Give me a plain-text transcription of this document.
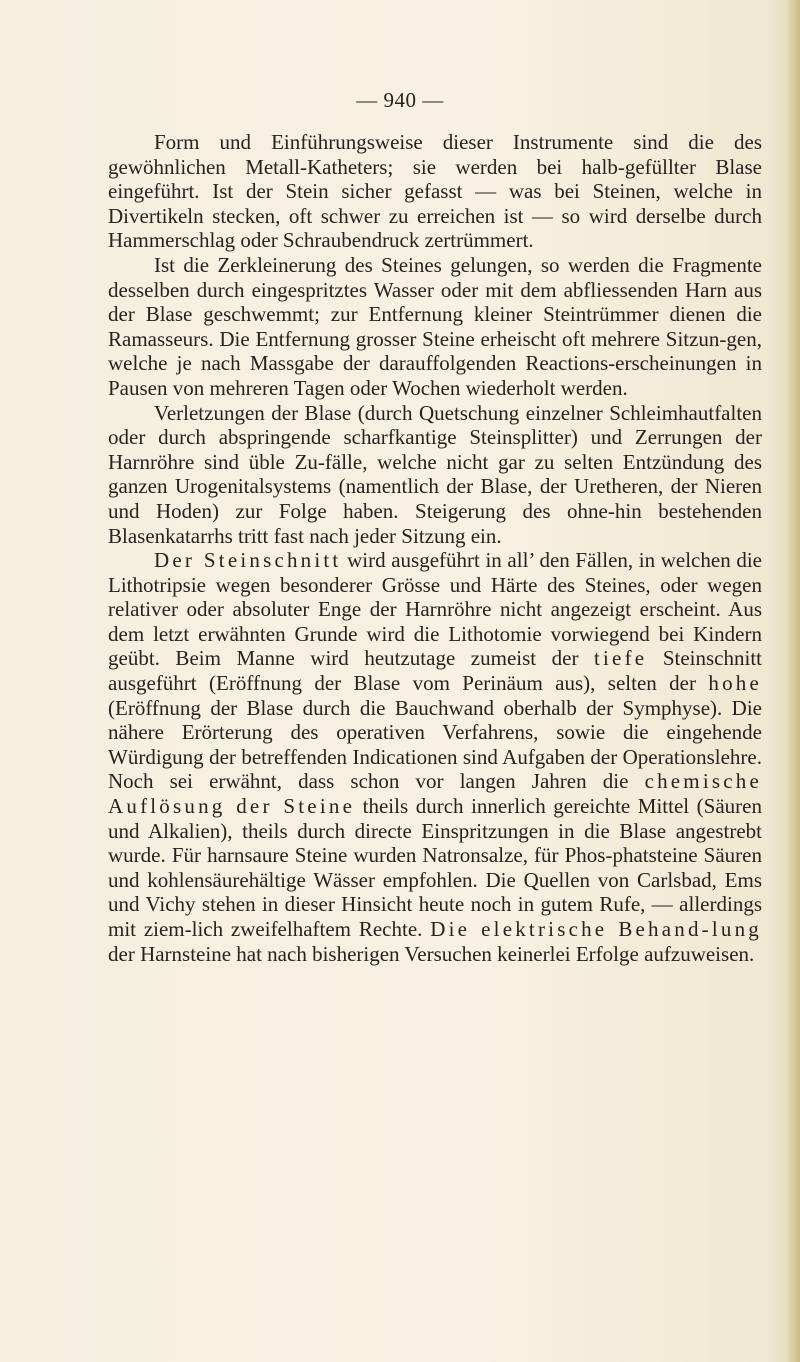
— 940 —

Form und Einführungsweise dieser Instrumente sind die des gewöhnlichen Metall-Katheters; sie werden bei halb-gefüllter Blase eingeführt. Ist der Stein sicher gefasst — was bei Steinen, welche in Divertikeln stecken, oft schwer zu erreichen ist — so wird derselbe durch Hammerschlag oder Schraubendruck zertrümmert.

Ist die Zerkleinerung des Steines gelungen, so werden die Fragmente desselben durch eingespritztes Wasser oder mit dem abfliessenden Harn aus der Blase geschwemmt; zur Entfernung kleiner Steintrümmer dienen die Ramasseurs. Die Entfernung grosser Steine erheischt oft mehrere Sitzun-gen, welche je nach Massgabe der darauffolgenden Reactions-erscheinungen in Pausen von mehreren Tagen oder Wochen wiederholt werden.

Verletzungen der Blase (durch Quetschung einzelner Schleimhautfalten oder durch abspringende scharfkantige Steinsplitter) und Zerrungen der Harnröhre sind üble Zu-fälle, welche nicht gar zu selten Entzündung des ganzen Urogenitalsystems (namentlich der Blase, der Uretheren, der Nieren und Hoden) zur Folge haben. Steigerung des ohne-hin bestehenden Blasenkatarrhs tritt fast nach jeder Sitzung ein.

Der Steinschnitt wird ausgeführt in all’ den Fällen, in welchen die Lithotripsie wegen besonderer Grösse und Härte des Steines, oder wegen relativer oder absoluter Enge der Harnröhre nicht angezeigt erscheint. Aus dem letzt erwähnten Grunde wird die Lithotomie vorwiegend bei Kindern geübt. Beim Manne wird heutzutage zumeist der tiefe Steinschnitt ausgeführt (Eröffnung der Blase vom Perinäum aus), selten der hohe (Eröffnung der Blase durch die Bauchwand oberhalb der Symphyse). Die nähere Erörterung des operativen Verfahrens, sowie die eingehende Würdigung der betreffenden Indicationen sind Aufgaben der Operationslehre. Noch sei erwähnt, dass schon vor langen Jahren die chemische Auflösung der Steine theils durch innerlich gereichte Mittel (Säuren und Alkalien), theils durch directe Einspritzungen in die Blase angestrebt wurde. Für harnsaure Steine wurden Natronsalze, für Phos-phatsteine Säuren und kohlensäurehältige Wässer empfohlen. Die Quellen von Carlsbad, Ems und Vichy stehen in dieser Hinsicht heute noch in gutem Rufe, — allerdings mit ziem-lich zweifelhaftem Rechte. Die elektrische Behand-lung der Harnsteine hat nach bisherigen Versuchen keinerlei Erfolge aufzuweisen.
